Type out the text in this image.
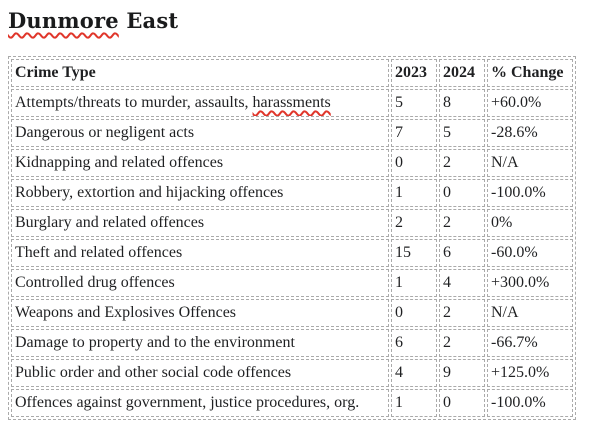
Dunmore East
Crime Type	2023	2024	% Change
Attempts/threats to murder, assaults, harassments	5	8	+60.0%
Dangerous or negligent acts	7	5	-28.6%
Kidnapping and related offences	0	2	N/A
Robbery, extortion and hijacking offences	1	0	-100.0%
Burglary and related offences	2	2	0%
Theft and related offences	15	6	-60.0%
Controlled drug offences	1	4	+300.0%
Weapons and Explosives Offences	0	2	N/A
Damage to property and to the environment	6	2	-66.7%
Public order and other social code offences	4	9	+125.0%
Offences against government, justice procedures, org.	1	0	-100.0%
